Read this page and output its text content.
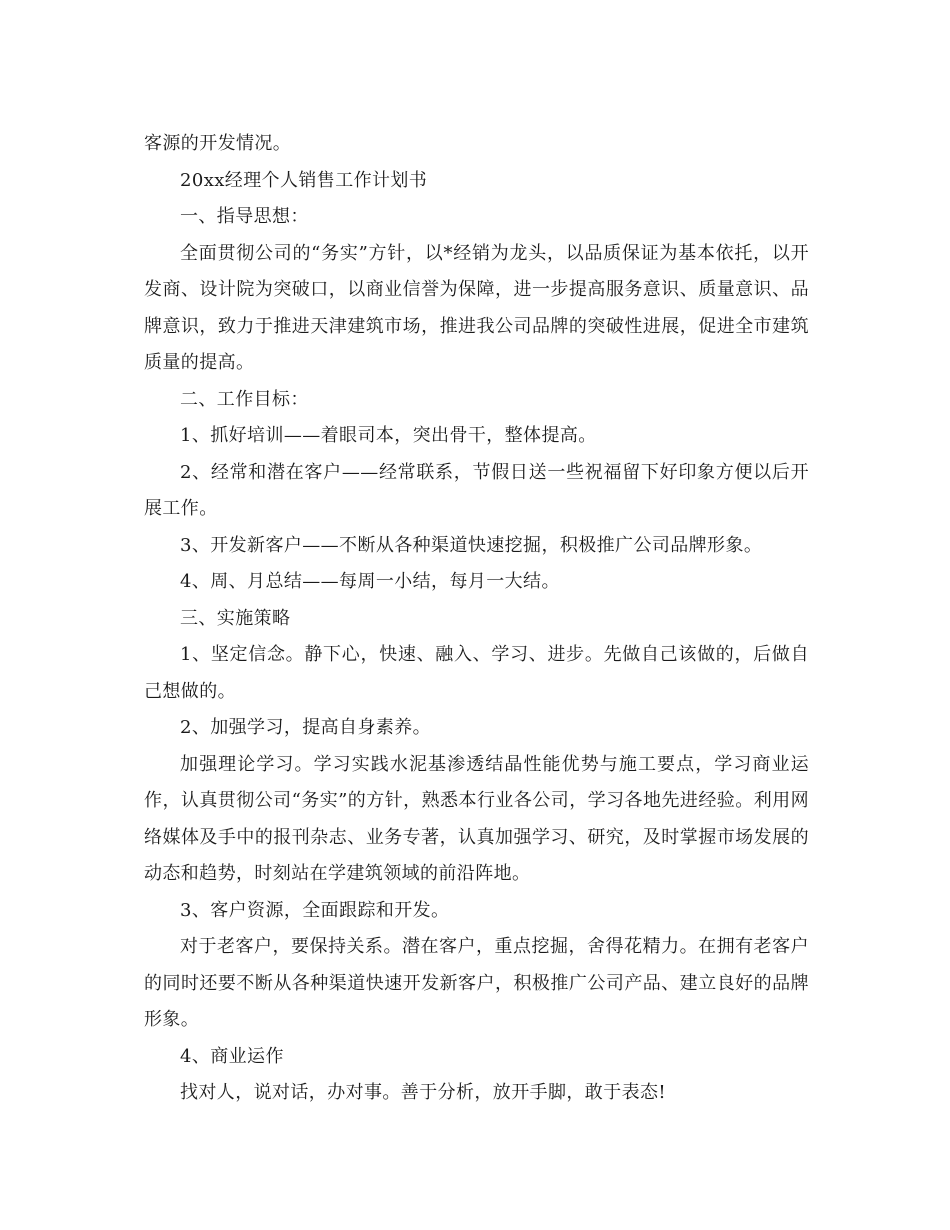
客源的开发情况。

20xx经理个人销售工作计划书

一、指导思想：

全面贯彻公司的“务实”方针，以*经销为龙头，以品质保证为基本依托，以开发商、设计院为突破口，以商业信誉为保障，进一步提高服务意识、质量意识、品牌意识，致力于推进天津建筑市场，推进我公司品牌的突破性进展，促进全市建筑质量的提高。

二、工作目标：

1、抓好培训——着眼司本，突出骨干，整体提高。

2、经常和潜在客户——经常联系，节假日送一些祝福留下好印象方便以后开展工作。

3、开发新客户——不断从各种渠道快速挖掘，积极推广公司品牌形象。

4、周、月总结——每周一小结，每月一大结。

三、实施策略

1、坚定信念。静下心，快速、融入、学习、进步。先做自己该做的，后做自己想做的。

2、加强学习，提高自身素养。

加强理论学习。学习实践水泥基渗透结晶性能优势与施工要点，学习商业运作，认真贯彻公司“务实”的方针，熟悉本行业各公司，学习各地先进经验。利用网络媒体及手中的报刊杂志、业务专著，认真加强学习、研究，及时掌握市场发展的动态和趋势，时刻站在学建筑领域的前沿阵地。

3、客户资源，全面跟踪和开发。

对于老客户，要保持关系。潜在客户，重点挖掘，舍得花精力。在拥有老客户的同时还要不断从各种渠道快速开发新客户，积极推广公司产品、建立良好的品牌形象。

4、商业运作

找对人，说对话，办对事。善于分析，放开手脚，敢于表态!
